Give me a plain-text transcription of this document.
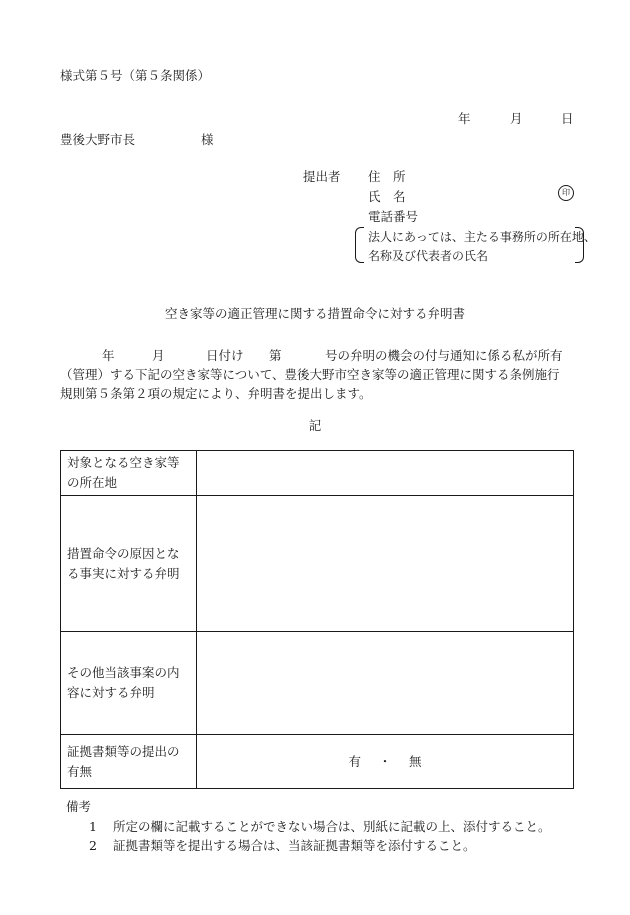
様式第５号（第５条関係）
年	月	日
豊後大野市長	様
提出者 住　所
氏　名	印
電話番号
法人にあっては、主たる事務所の所在地、
名称及び代表者の氏名
空き家等の適正管理に関する措置命令に対する弁明書
年	月	日付け 第	号の弁明の機会の付与通知に係る私が所有
（管理）する下記の空き家等について、豊後大野市空き家等の適正管理に関する条例施行
規則第５条第２項の規定により、弁明書を提出します。
記
対象となる空き家等の所在地	
措置命令の原因となる事実に対する弁明	
その他当該事案の内容に対する弁明	
証拠書類等の提出の有無	有 ・ 無
備考
1 所定の欄に記載することができない場合は、別紙に記載の上、添付すること。
2 証拠書類等を提出する場合は、当該証拠書類等を添付すること。
